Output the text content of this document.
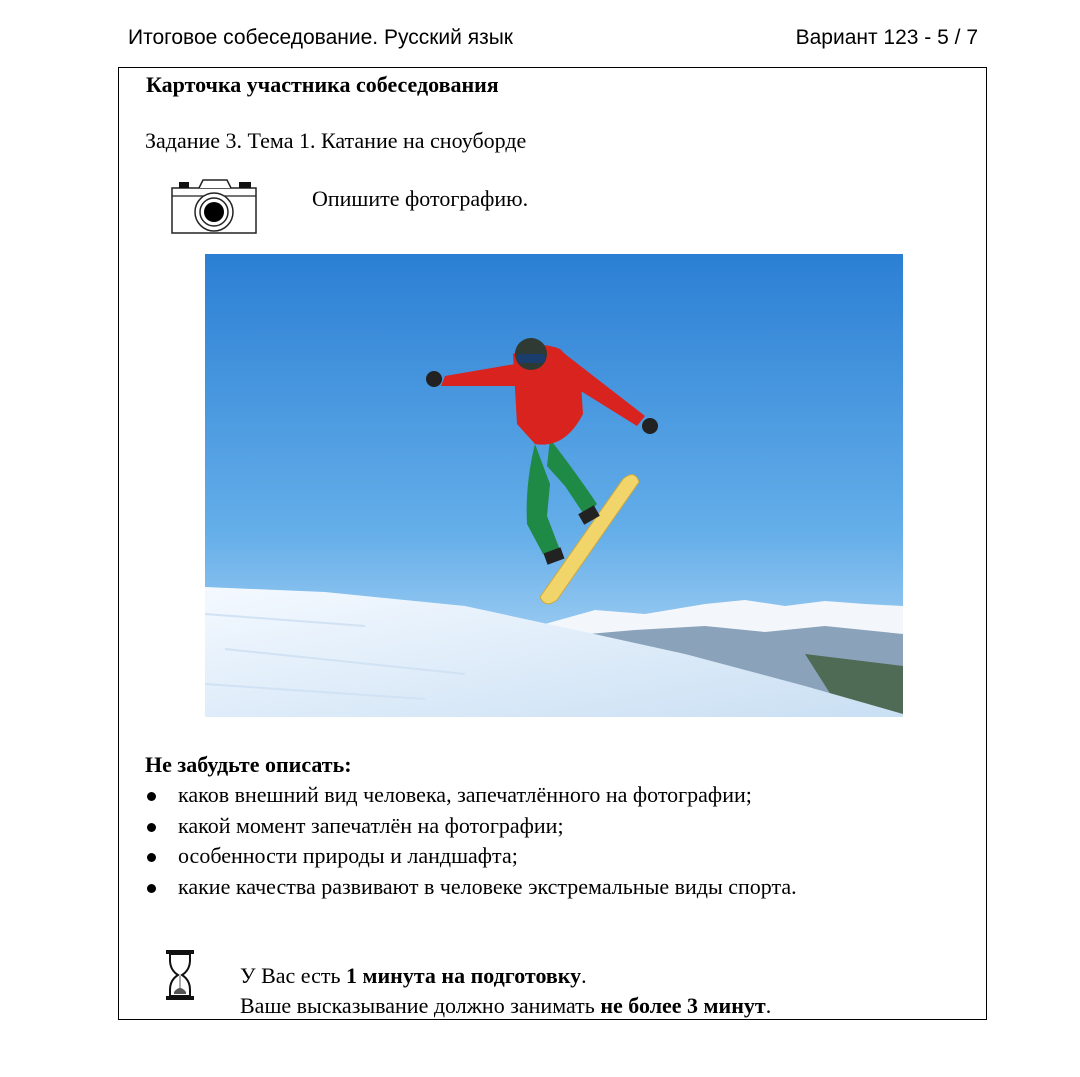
Итоговое собеседование. Русский язык	Вариант 123 - 5 / 7
Карточка участника собеседования
Задание 3. Тема 1. Катание на сноуборде
Опишите фотографию.
Не забудьте описать:
каков внешний вид человека, запечатлённого на фотографии;
какой момент запечатлён на фотографии;
особенности природы и ландшафта;
какие качества развивают в человеке экстремальные виды спорта.
У Вас есть 1 минута на подготовку.
Ваше высказывание должно занимать не более 3 минут.
